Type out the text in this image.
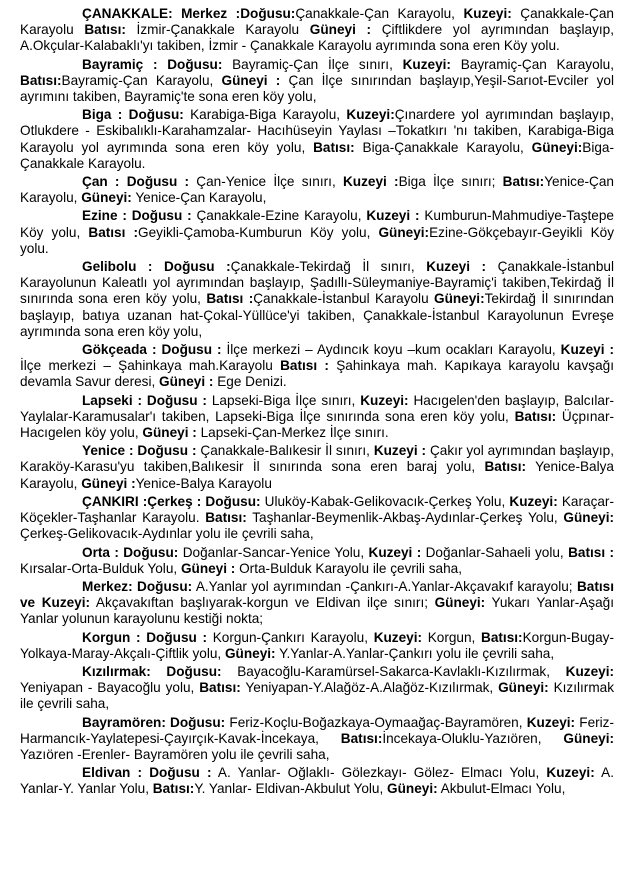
ÇANAKKALE: Merkez :Doğusu:Çanakkale-Çan Karayolu, Kuzeyi: Çanakkale-Çan Karayolu Batısı: İzmir-Çanakkale Karayolu Güneyi : Çiftlikdere yol ayrımından başlayıp, A.Okçular-Kalabaklı'yı takiben, İzmir - Çanakkale Karayolu ayrımında sona eren Köy yolu.

Bayramiç : Doğusu: Bayramiç-Çan İlçe sınırı, Kuzeyi: Bayramiç-Çan Karayolu, Batısı:Bayramiç-Çan Karayolu, Güneyi : Çan İlçe sınırından başlayıp,Yeşil-Sarıot-Evciler yol ayrımını takiben, Bayramiç'te sona eren köy yolu,

Biga : Doğusu: Karabiga-Biga Karayolu, Kuzeyi:Çınardere yol ayrımından başlayıp, Otlukdere - Eskibalıklı-Karahamzalar- Hacıhüseyin Yaylası –Tokatkırı 'nı takiben, Karabiga-Biga Karayolu yol ayrımında sona eren köy yolu, Batısı: Biga-Çanakkale Karayolu, Güneyi:Biga-Çanakkale Karayolu.

Çan : Doğusu : Çan-Yenice İlçe sınırı, Kuzeyi :Biga İlçe sınırı; Batısı:Yenice-Çan Karayolu, Güneyi: Yenice-Çan Karayolu,

Ezine : Doğusu : Çanakkale-Ezine Karayolu, Kuzeyi : Kumburun-Mahmudiye-Taştepe Köy yolu, Batısı :Geyikli-Çamoba-Kumburun Köy yolu, Güneyi:Ezine-Gökçebayır-Geyikli Köy yolu.

Gelibolu : Doğusu :Çanakkale-Tekirdağ İl sınırı, Kuzeyi : Çanakkale-İstanbul Karayolunun Kaleatlı yol ayrımından başlayıp, Şadıllı-Süleymaniye-Bayramiç'i takiben,Tekirdağ İl sınırında sona eren köy yolu, Batısı :Çanakkale-İstanbul Karayolu Güneyi:Tekirdağ İl sınırından başlayıp, batıya uzanan hat-Çokal-Yüllüce'yi takiben, Çanakkale-İstanbul Karayolunun Evreşe ayrımında sona eren köy yolu,

Gökçeada : Doğusu : İlçe merkezi – Aydıncık koyu –kum ocakları Karayolu, Kuzeyi : İlçe merkezi – Şahinkaya mah.Karayolu Batısı : Şahinkaya mah. Kapıkaya karayolu kavşağı devamla Savur deresi, Güneyi : Ege Denizi.

Lapseki : Doğusu : Lapseki-Biga İlçe sınırı, Kuzeyi: Hacıgelen'den başlayıp, Balcılar-Yaylalar-Karamusalar'ı takiben, Lapseki-Biga İlçe sınırında sona eren köy yolu, Batısı: Üçpınar-Hacıgelen köy yolu, Güneyi : Lapseki-Çan-Merkez İlçe sınırı.

Yenice : Doğusu : Çanakkale-Balıkesir İl sınırı, Kuzeyi : Çakır yol ayrımından başlayıp, Karaköy-Karasu'yu takiben,Balıkesir İl sınırında sona eren baraj yolu, Batısı: Yenice-Balya Karayolu, Güneyi :Yenice-Balya Karayolu

ÇANKIRI :Çerkeş : Doğusu: Uluköy-Kabak-Gelikovacık-Çerkeş Yolu, Kuzeyi: Karaçar-Köçekler-Taşhanlar Karayolu. Batısı: Taşhanlar-Beymenlik-Akbaş-Aydınlar-Çerkeş Yolu, Güneyi: Çerkeş-Gelikovacık-Aydınlar yolu ile çevrili saha,

Orta : Doğusu: Doğanlar-Sancar-Yenice Yolu, Kuzeyi : Doğanlar-Sahaeli yolu, Batısı : Kırsalar-Orta-Bulduk Yolu, Güneyi : Orta-Bulduk Karayolu ile çevrili saha,

Merkez: Doğusu: A.Yanlar yol ayrımından -Çankırı-A.Yanlar-Akçavakıf karayolu; Batısı ve Kuzeyi: Akçavakıftan başlıyarak-korgun ve Eldivan ilçe sınırı; Güneyi: Yukarı Yanlar-Aşağı Yanlar yolunun karayolunu kestiği nokta;

Korgun : Doğusu : Korgun-Çankırı Karayolu, Kuzeyi: Korgun, Batısı:Korgun-Bugay-Yolkaya-Maray-Akçalı-Çiftlik yolu, Güneyi: Y.Yanlar-A.Yanlar-Çankırı yolu ile çevrili saha,

Kızılırmak: Doğusu: Bayacoğlu-Karamürsel-Sakarca-Kavlaklı-Kızılırmak, Kuzeyi: Yeniyapan - Bayacoğlu yolu, Batısı: Yeniyapan-Y.Alağöz-A.Alağöz-Kızılırmak, Güneyi: Kızılırmak ile çevrili saha,

Bayramören: Doğusu: Feriz-Koçlu-Boğazkaya-Oymaağaç-Bayramören, Kuzeyi: Feriz-Harmancık-Yaylatepesi-Çayırçık-Kavak-İncekaya, Batısı:İncekaya-Oluklu-Yazıören, Güneyi: Yazıören -Erenler- Bayramören yolu ile çevrili saha,

Eldivan : Doğusu : A. Yanlar- Oğlaklı- Gölezkayı- Gölez- Elmacı Yolu, Kuzeyi: A. Yanlar-Y. Yanlar Yolu, Batısı:Y. Yanlar- Eldivan-Akbulut Yolu, Güneyi: Akbulut-Elmacı Yolu,
